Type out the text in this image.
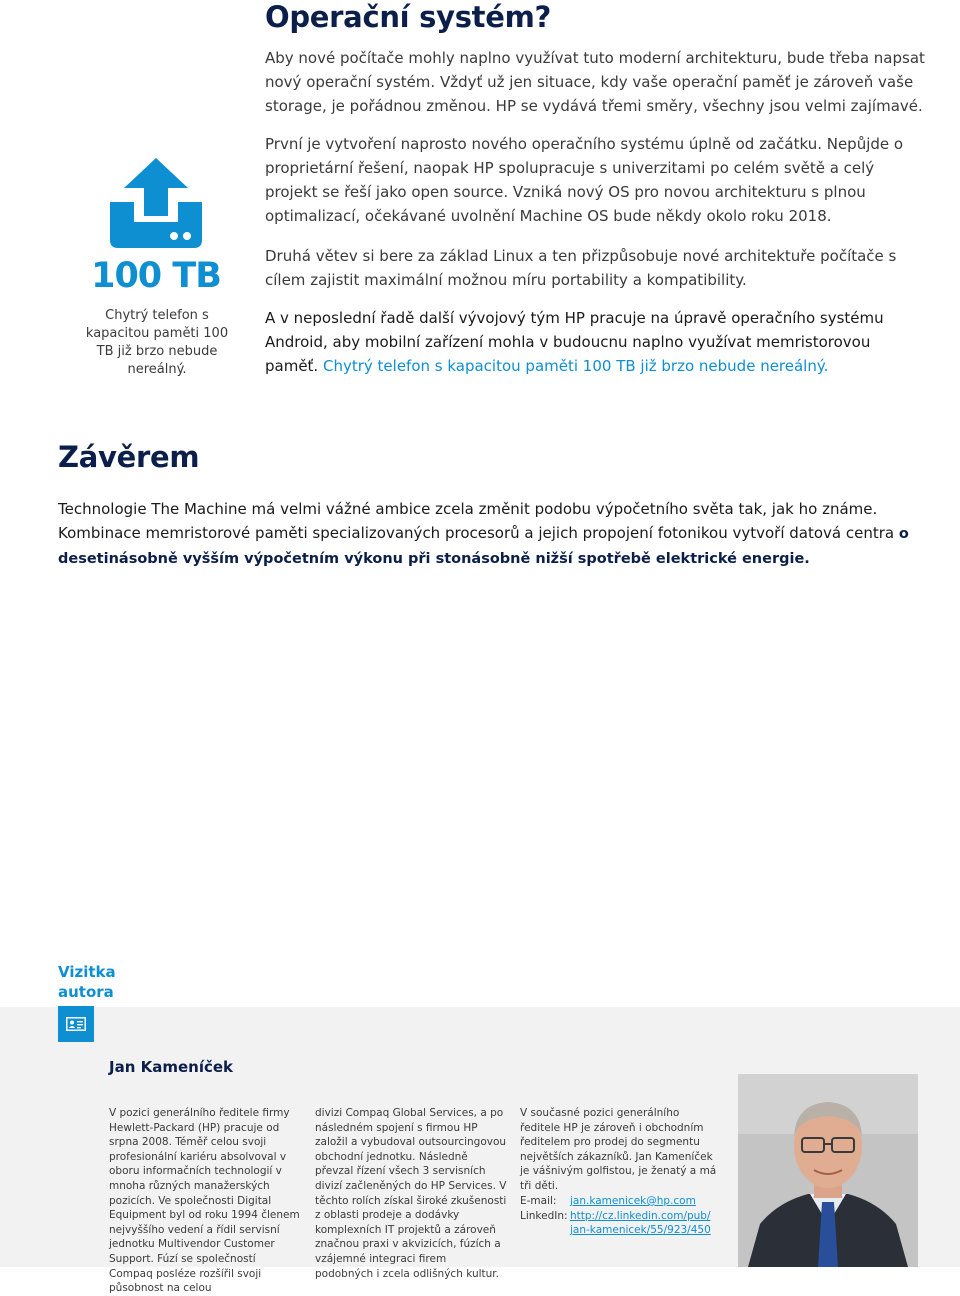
Operační systém?

Aby nové počítače mohly naplno využívat tuto moderní architekturu, bude třeba napsat nový operační systém. Vždyť už jen situace, kdy vaše operační paměť je zároveň vaše storage, je pořádnou změnou. HP se vydává třemi směry, všechny jsou velmi zajímavé.

První je vytvoření naprosto nového operačního systému úplně od začátku. Nepůjde o proprietární řešení, naopak HP spolupracuje s univerzitami po celém světě a celý projekt se řeší jako open source. Vzniká nový OS pro novou architekturu s plnou optimalizací, očekávané uvolnění Machine OS bude někdy okolo roku 2018.

Druhá větev si bere za základ Linux a ten přizpůsobuje nové architektuře počítače s cílem zajistit maximální možnou míru portability a kompatibility.

A v neposlední řadě další vývojový tým HP pracuje na úpravě operačního systému Android, aby mobilní zařízení mohla v budoucnu naplno využívat memristorovou paměť. Chytrý telefon s kapacitou paměti 100 TB již brzo nebude nereálný.

100 TB
Chytrý telefon s kapacitou paměti 100 TB již brzo nebude nereálný.
Závěrem

Technologie The Machine má velmi vážné ambice zcela změnit podobu výpočetního světa tak, jak ho známe. Kombinace memristorové paměti specializovaných procesorů a jejich propojení fotonikou vytvoří datová centra o desetinásobně vyšším výpočetním výkonu při stonásobně nižší spotřebě elektrické energie.

Vizitka
autora
Jan Kameníček

V pozici generálního ředitele firmy Hewlett-Packard (HP) pracuje od srpna 2008. Téměř celou svoji profesionální kariéru absolvoval v oboru informačních technologií v mnoha různých manažerských pozicích. Ve společnosti Digital Equipment byl od roku 1994 členem nejvyššího vedení a řídil servisní jednotku Multivendor Customer Support. Fúzí se společností Compaq posléze rozšířil svoji působnost na celou

divizi Compaq Global Services, a po následném spojení s firmou HP založil a vybudoval outsourcingovou obchodní jednotku. Následně převzal řízení všech 3 servisních divizí začleněných do HP Services. V těchto rolích získal široké zkušenosti z oblasti prodeje a dodávky komplexních IT projektů a zároveň značnou praxi v akvizicích, fúzích a vzájemné integraci firem podobných i zcela odlišných kultur.

V současné pozici generálního ředitele HP je zároveň i obchodním ředitelem pro prodej do segmentu největších zákazníků. Jan Kameníček je vášnivým golfistou, je ženatý a má tři děti.

E-mail:	jan.kamenicek@hp.com
LinkedIn: http://cz.linkedin.com/pub/
jan-kamenicek/55/923/450
